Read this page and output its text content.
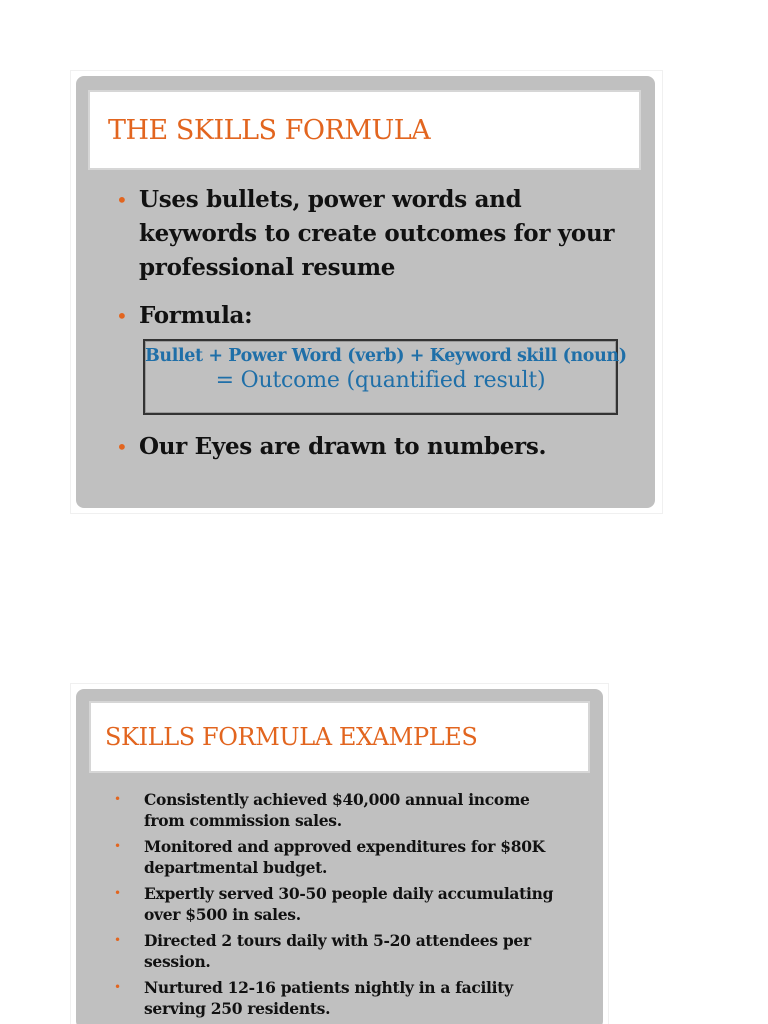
THE SKILLS FORMULA
• Uses bullets, power words and keywords to create outcomes for your professional resume
• Formula:
Bullet + Power Word (verb) + Keyword skill (noun)
= Outcome (quantified result)
• Our Eyes are drawn to numbers.
SKILLS FORMULA EXAMPLES
• Consistently achieved $40,000 annual income from commission sales.
• Monitored and approved expenditures for $80K departmental budget.
• Expertly served 30-50 people daily accumulating over $500 in sales.
• Directed 2 tours daily with 5-20 attendees per session.
• Nurtured 12-16 patients nightly in a facility serving 250 residents.
